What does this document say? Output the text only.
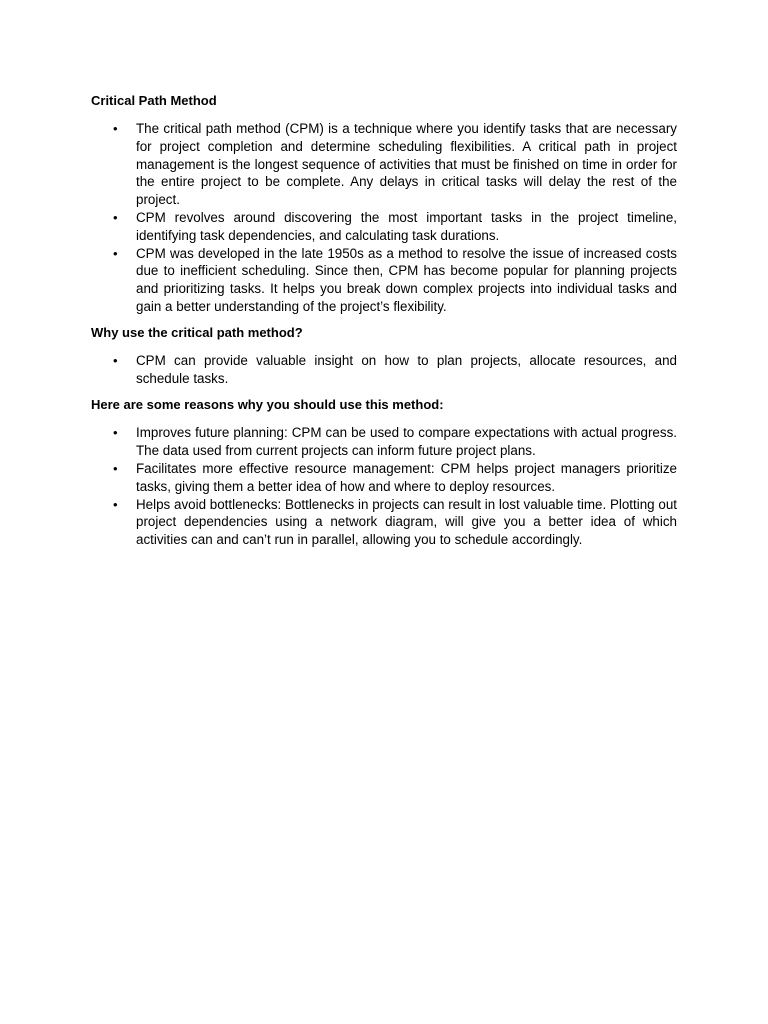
Critical Path Method
• The critical path method (CPM) is a technique where you identify tasks that are necessary for project completion and determine scheduling flexibilities. A critical path in project management is the longest sequence of activities that must be finished on time in order for the entire project to be complete. Any delays in critical tasks will delay the rest of the project.
• CPM revolves around discovering the most important tasks in the project timeline, identifying task dependencies, and calculating task durations.
• CPM was developed in the late 1950s as a method to resolve the issue of increased costs due to inefficient scheduling. Since then, CPM has become popular for planning projects and prioritizing tasks. It helps you break down complex projects into individual tasks and gain a better understanding of the project’s flexibility.
Why use the critical path method?
• CPM can provide valuable insight on how to plan projects, allocate resources, and schedule tasks.
Here are some reasons why you should use this method:
• Improves future planning: CPM can be used to compare expectations with actual progress. The data used from current projects can inform future project plans.
• Facilitates more effective resource management: CPM helps project managers prioritize tasks, giving them a better idea of how and where to deploy resources.
• Helps avoid bottlenecks: Bottlenecks in projects can result in lost valuable time. Plotting out project dependencies using a network diagram, will give you a better idea of which activities can and can’t run in parallel, allowing you to schedule accordingly.
